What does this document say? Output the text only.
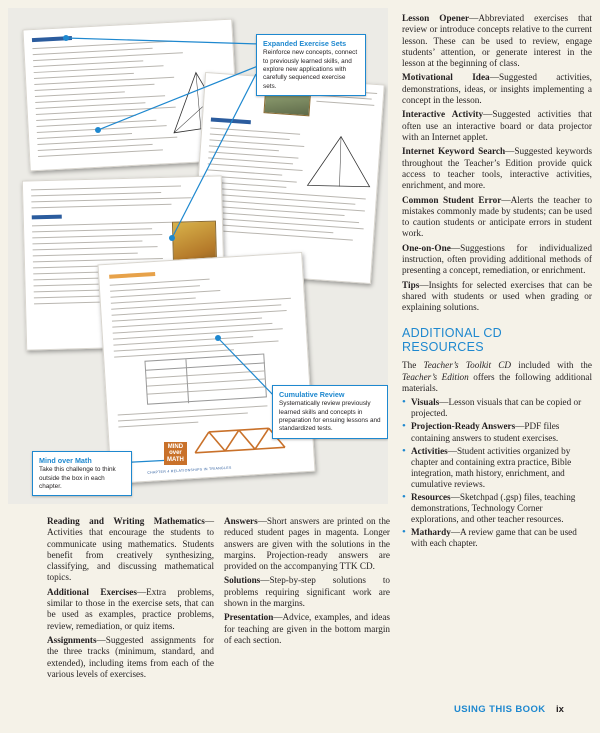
CHAPTER 4 RELATIONSHIPS IN TRIANGLES
MIND
over
MATH
Expanded Exercise Sets
Reinforce new concepts, connect to previously learned skills, and explore new applications with carefully sequenced exercise sets.
Cumulative Review
Systematically review previously learned skills and concepts in preparation for ensuing lessons and standardized tests.
Mind over Math
Take this challenge to think outside the box in each chapter.

Lesson Opener—Abbreviated exercises that review or introduce concepts relative to the current lesson. These can be used to review, engage students’ attention, or generate interest in the lesson at the beginning of class.

Motivational Idea—Suggested activities, demonstrations, ideas, or insights implementing a concept in the lesson.

Interactive Activity—Suggested activities that often use an interactive board or data projector with an Internet applet.

Internet Keyword Search—Suggested keywords throughout the Teacher’s Edition provide quick access to teacher tools, interactive activities, enrichment, and more.

Common Student Error—Alerts the teacher to mistakes commonly made by students; can be used to caution students or anticipate errors in student work.

One-on-One—Suggestions for individualized instruction, often providing additional methods of presenting a concept, remediation, or enrichment.

Tips—Insights for selected exercises that can be shared with students or used when grading or explaining solutions.

ADDITIONAL CD
RESOURCES

The Teacher’s Toolkit CD included with the Teacher’s Edition offers the following additional materials.

• Visuals—Lesson visuals that can be copied or projected.
• Projection-Ready Answers—PDF files containing answers to student exercises.
• Activities—Student activities organized by chapter and containing extra practice, Bible integration, math history, enrichment, and cumulative reviews.
• Resources—Sketchpad (.gsp) files, teaching demonstrations, Technology Corner explorations, and other teacher resources.
• Mathardy—A review game that can be used with each chapter.

Reading and Writing Mathematics—Activities that encourage the students to communicate using mathematics. Students benefit from creatively synthesizing, classifying, and discussing mathematical topics.

Additional Exercises—Extra problems, similar to those in the exercise sets, that can be used as examples, practice problems, review, remediation, or quiz items.

Assignments—Suggested assignments for the three tracks (minimum, standard, and extended), including items from each of the various levels of exercises.

Answers—Short answers are printed on the reduced student pages in magenta. Longer answers are given with the solutions in the margins. Projection-ready answers are provided on the accompanying TTK CD.

Solutions—Step-by-step solutions to problems requiring significant work are shown in the margins.

Presentation—Advice, examples, and ideas for teaching are given in the bottom margin of each section.

USING THIS BOOK ix
